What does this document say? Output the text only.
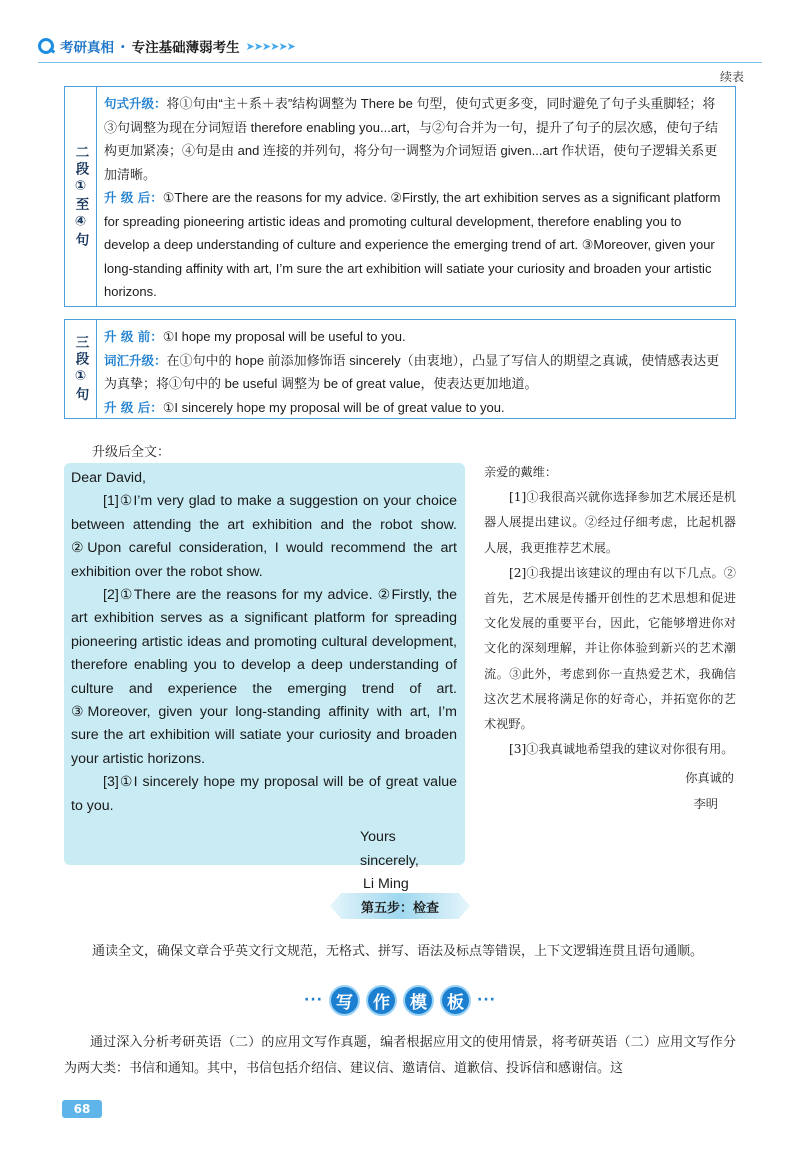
考研真相 · 专注基础薄弱考生 ➤➤➤➤➤➤
续表
二段①至④句

句式升级：将①句由“主＋系＋表”结构调整为 There be 句型，使句式更多变，同时避免了句子头重脚轻；将③句调整为现在分词短语 therefore enabling you...art，与②句合并为一句，提升了句子的层次感，使句子结构更加紧凑；④句是由 and 连接的并列句，将分句一调整为介词短语 given...art 作状语，使句子逻辑关系更加清晰。

升 级 后：①There are the reasons for my advice. ②Firstly, the art exhibition serves as a significant platform for spreading pioneering artistic ideas and promoting cultural development, therefore enabling you to develop a deep understanding of culture and experience the emerging trend of art. ③Moreover, given your long-standing affinity with art, I’m sure the art exhibition will satiate your curiosity and broaden your artistic horizons.

三段①句 升 级 前：①I hope my proposal will be useful to you.

词汇升级：在①句中的 hope 前添加修饰语 sincerely（由衷地），凸显了写信人的期望之真诚，使情感表达更为真挚；将①句中的 be useful 调整为 be of great value，使表达更加地道。

升 级 后：①I sincerely hope my proposal will be of great value to you.

升级后全文：

Dear David,

[1]①I’m very glad to make a suggestion on your choice between attending the art exhibition and the robot show. ②Upon careful consideration, I would recommend the art exhibition over the robot show.

[2]①There are the reasons for my advice. ②Firstly, the art exhibition serves as a significant platform for spreading pioneering artistic ideas and promoting cultural development, therefore enabling you to develop a deep understanding of culture and experience the emerging trend of art. ③Moreover, given your long-standing affinity with art, I’m sure the art exhibition will satiate your curiosity and broaden your artistic horizons.

[3]①I sincerely hope my proposal will be of great value to you.

Yours sincerely,

Li Ming

亲爱的戴维：

[1]①我很高兴就你选择参加艺术展还是机器人展提出建议。②经过仔细考虑，比起机器人展，我更推荐艺术展。

[2]①我提出该建议的理由有以下几点。②首先，艺术展是传播开创性的艺术思想和促进文化发展的重要平台，因此，它能够增进你对文化的深刻理解，并让你体验到新兴的艺术潮流。③此外，考虑到你一直热爱艺术，我确信这次艺术展将满足你的好奇心，并拓宽你的艺术视野。

[3]①我真诚地希望我的建议对你很有用。

你真诚的

李明

第五步：检查
通读全文，确保文章合乎英文行文规范，无格式、拼写、语法及标点等错误，上下文逻辑连贯且语句通顺。
··· 写	作	模	板 ···

通过深入分析考研英语（二）的应用文写作真题，编者根据应用文的使用情景，将考研英语（二）应用文写作分为两大类：书信和通知。其中，书信包括介绍信、建议信、邀请信、道歉信、投诉信和感谢信。这

68
